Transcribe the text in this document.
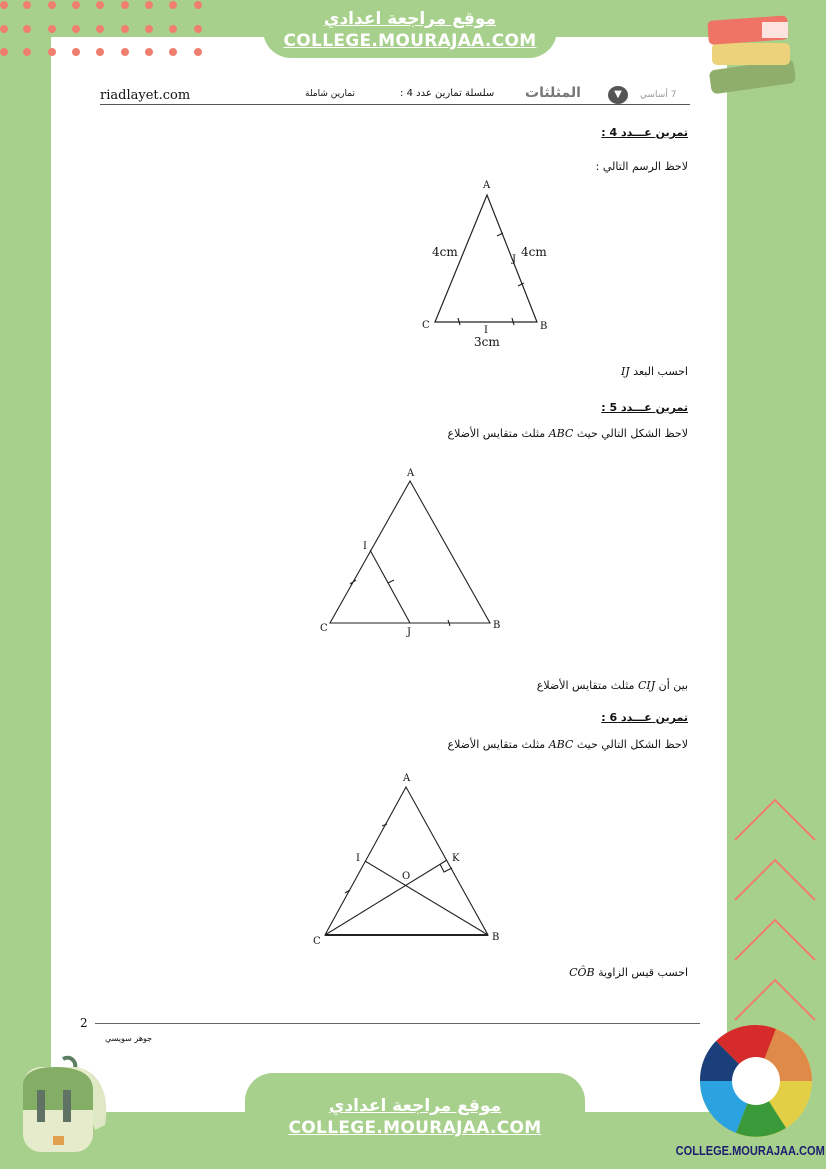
موقع مراجعة اعدادي
COLLEGE.MOURAJAA.COM
riadlayet.com	تمارين شاملة	سلسلة تمارين عدد 4 : المثلثات	▼	7 أساسي
تمرين عـــدد 4 :
لاحظ الرسم التالي :
احسب البعد IJ
تمرين عـــدد 5 :
لاحظ الشكل التالي حيث ABC مثلث متقايس الأضلاع
بين أن CIJ مثلث متقايس الأضلاع
تمرين عـــدد 6 :
لاحظ الشكل التالي حيث ABC مثلث متقايس الأضلاع
احسب قيس الزاوية CÔB
A
C	B
I
J
4cm	4cm
3cm
A
C	B
I
J
A
C	B
I	K
O
2
جوهر سويسي
COLLEGE.MOURAJAA.COM
موقع مراجعة اعدادي
COLLEGE.MOURAJAA.COM
